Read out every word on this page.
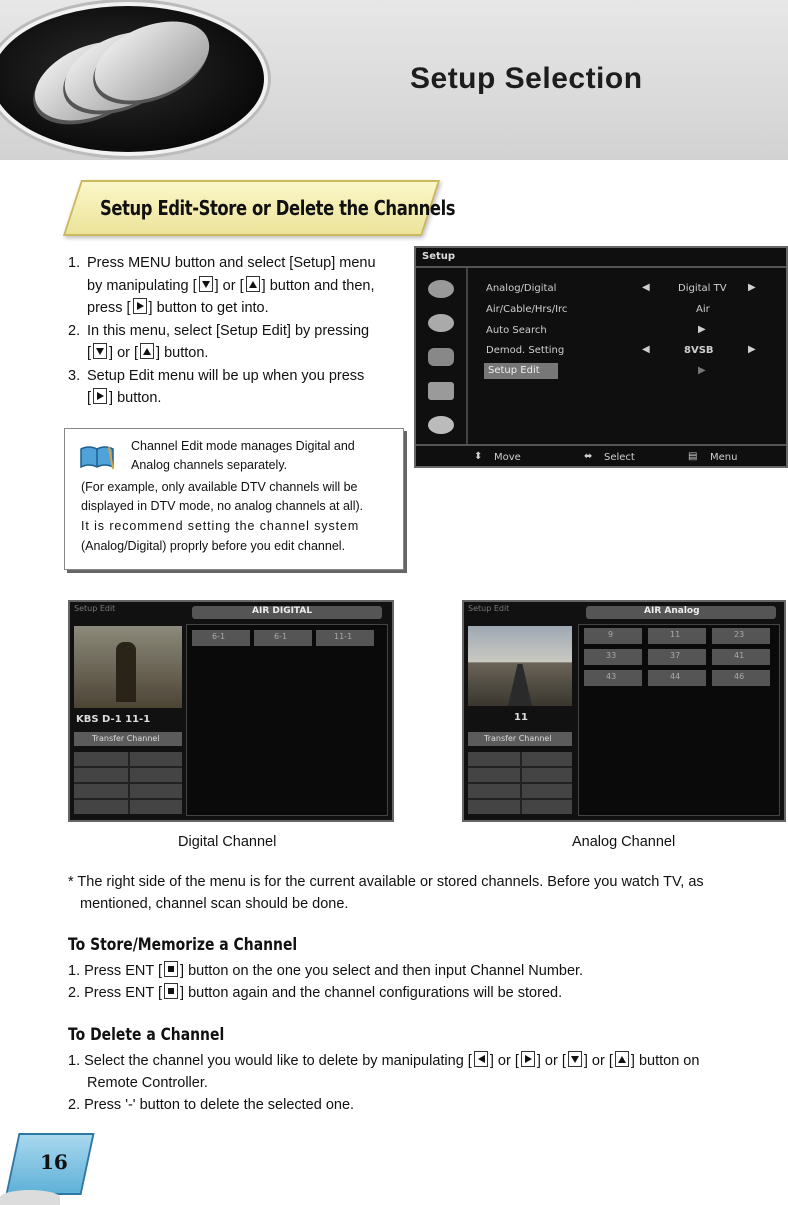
Setup Selection
Setup Edit-Store or Delete the Channels
1. Press MENU button and select [Setup] menu
by manipulating [ ] or [ ] button and then,
press [ ] button to get into.
2. In this menu, select [Setup Edit] by pressing
[ ] or [ ] button.
3. Setup Edit menu will be up when you press
[ ] button.
Channel Edit mode manages Digital and
Analog channels separately.
(For example, only available DTV channels will be
displayed in DTV mode, no analog channels at all).
It is recommend setting the channel system
(Analog/Digital) proprly before you edit channel.
Setup
Analog/Digital	◀	Digital TV ▶
Air/Cable/Hrs/Irc	Air
Auto Search	▶
Demod. Setting	◀	8VSB	▶
Setup Edit	▶
⬍ Move	⬌ Select	▤ Menu
Setup Edit	AIR DIGITAL
KBS D-1 11-1
Transfer Channel
6-1	6-1	11-1
Setup Edit	AIR Analog
11
Transfer Channel
9	11	23
33	37	41
43	44	46
Digital Channel	Analog Channel
* The right side of the menu is for the current available or stored channels. Before you watch TV, as
mentioned, channel scan should be done.
To Store/Memorize a Channel
1. Press ENT [ ] button on the one you select and then input Channel Number.
2. Press ENT [ ] button again and the channel configurations will be stored.
To Delete a Channel
1. Select the channel you would like to delete by manipulating [ ] or [ ] or [ ] or [ ] button on
Remote Controller.
2. Press '-' button to delete the selected one.
16
